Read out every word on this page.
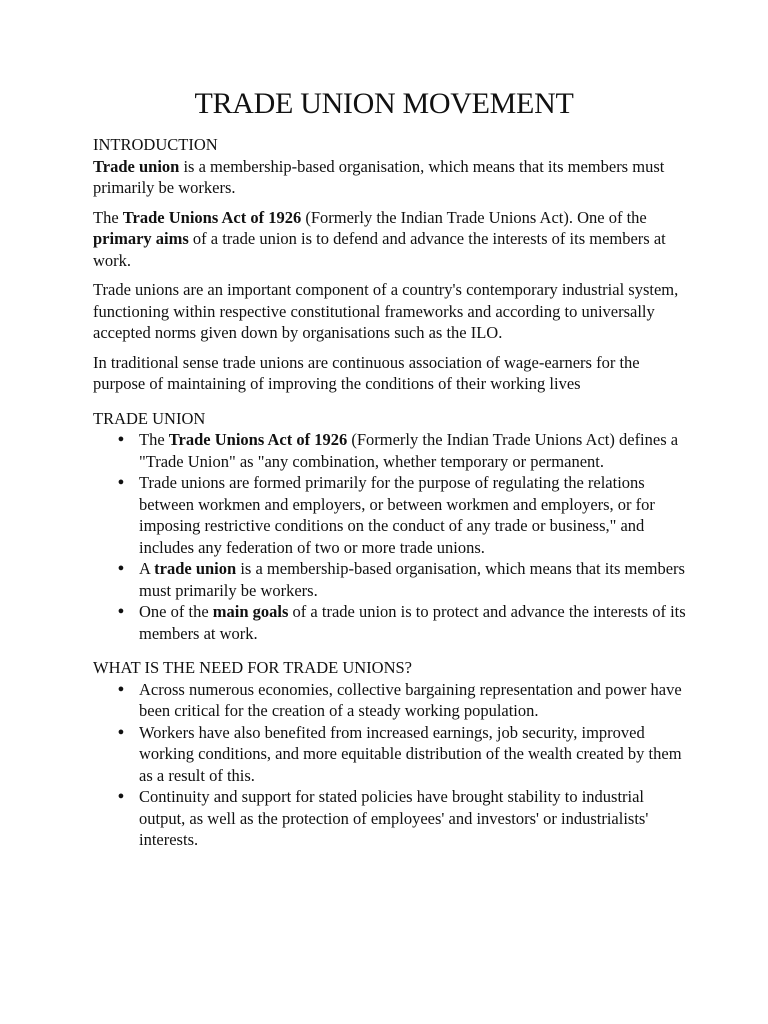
TRADE UNION MOVEMENT
INTRODUCTION

Trade union is a membership-based organisation, which means that its members must primarily be workers.

The Trade Unions Act of 1926 (Formerly the Indian Trade Unions Act). One of the primary aims of a trade union is to defend and advance the interests of its members at work.

Trade unions are an important component of a country's contemporary industrial system, functioning within respective constitutional frameworks and according to universally accepted norms given down by organisations such as the ILO.

In traditional sense trade unions are continuous association of wage-earners for the purpose of maintaining of improving the conditions of their working lives

TRADE UNION
● The Trade Unions Act of 1926 (Formerly the Indian Trade Unions Act) defines a "Trade Union" as "any combination, whether temporary or permanent.
● Trade unions are formed primarily for the purpose of regulating the relations between workmen and employers, or between workmen and employers, or for imposing restrictive conditions on the conduct of any trade or business," and includes any federation of two or more trade unions.
● A trade union is a membership-based organisation, which means that its members must primarily be workers.
● One of the main goals of a trade union is to protect and advance the interests of its members at work.
WHAT IS THE NEED FOR TRADE UNIONS?
● Across numerous economies, collective bargaining representation and power have been critical for the creation of a steady working population.
● Workers have also benefited from increased earnings, job security, improved working conditions, and more equitable distribution of the wealth created by them as a result of this.
● Continuity and support for stated policies have brought stability to industrial output, as well as the protection of employees' and investors' or industrialists' interests.
